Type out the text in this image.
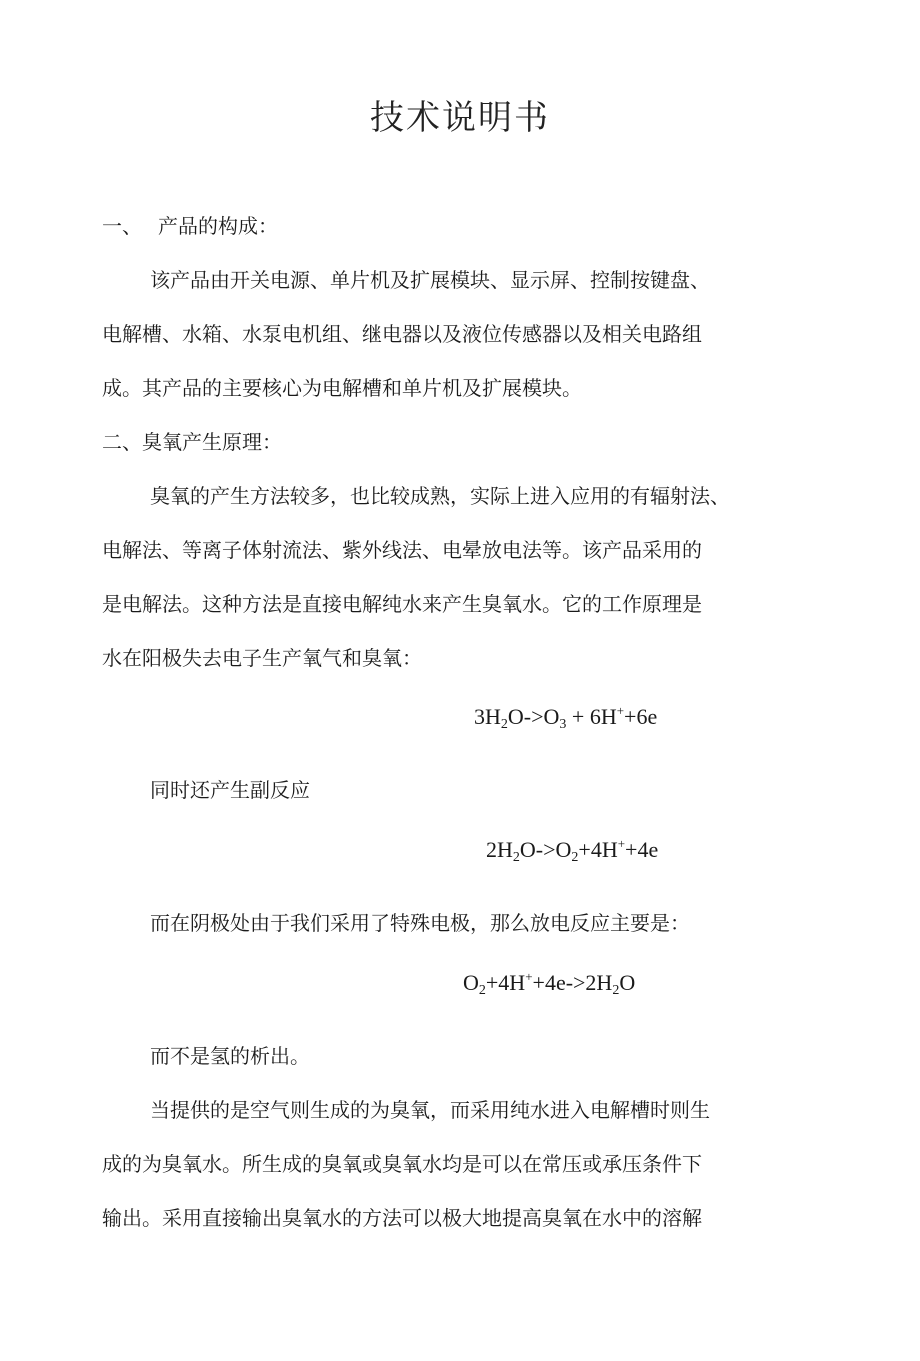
技术说明书
一、 产品的构成：
该产品由开关电源、单片机及扩展模块、显示屏、控制按键盘、
电解槽、水箱、水泵电机组、继电器以及液位传感器以及相关电路组
成。其产品的主要核心为电解槽和单片机及扩展模块。
二、臭氧产生原理：
臭氧的产生方法较多，也比较成熟，实际上进入应用的有辐射法、
电解法、等离子体射流法、紫外线法、电晕放电法等。该产品采用的
是电解法。这种方法是直接电解纯水来产生臭氧水。它的工作原理是
水在阳极失去电子生产氧气和臭氧：
$3H_2O->O_3 + 6H^++6e$
同时还产生副反应
$2H_2O->O_2+4H^++4e$
而在阴极处由于我们采用了特殊电极，那么放电反应主要是：
$O_2+4H^++4e->2H_2O$
而不是氢的析出。
当提供的是空气则生成的为臭氧，而采用纯水进入电解槽时则生
成的为臭氧水。所生成的臭氧或臭氧水均是可以在常压或承压条件下
输出。采用直接输出臭氧水的方法可以极大地提高臭氧在水中的溶解
